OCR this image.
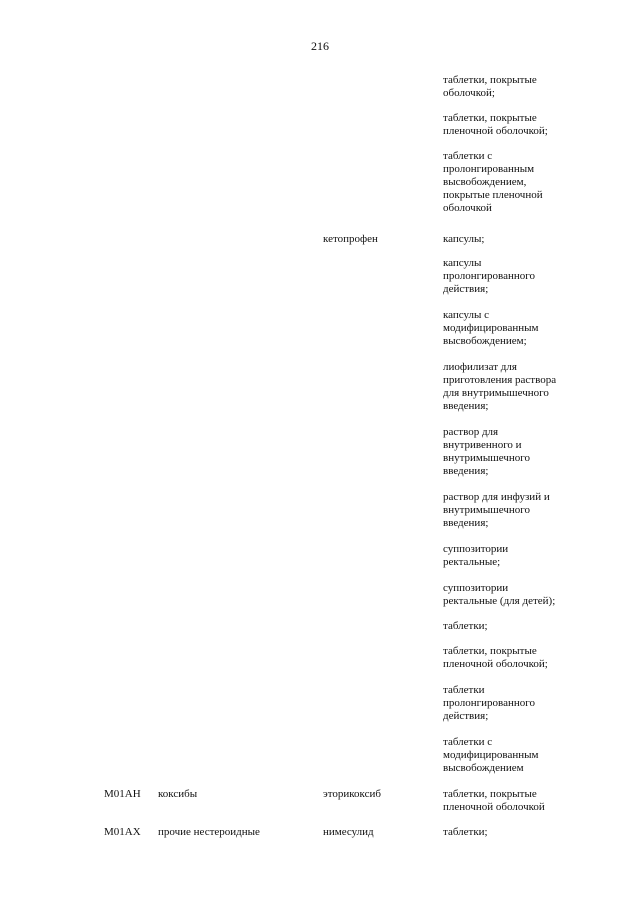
216
таблетки, покрытые
оболочкой;
таблетки, покрытые
пленочной оболочкой;
таблетки с
пролонгированным
высвобождением,
покрытые пленочной
оболочкой
кетопрофен	капсулы;
капсулы
пролонгированного
действия;
капсулы с
модифицированным
высвобождением;
лиофилизат для
приготовления раствора
для внутримышечного
введения;
раствор для
внутривенного и
внутримышечного
введения;
раствор для инфузий и
внутримышечного
введения;
суппозитории
ректальные;
суппозитории
ректальные (для детей);
таблетки;
таблетки, покрытые
пленочной оболочкой;
таблетки
пролонгированного
действия;
таблетки с
модифицированным
высвобождением
M01AH	коксибы	эторикоксиб	таблетки, покрытые
пленочной оболочкой
M01AX	прочие нестероидные	нимесулид	таблетки;
